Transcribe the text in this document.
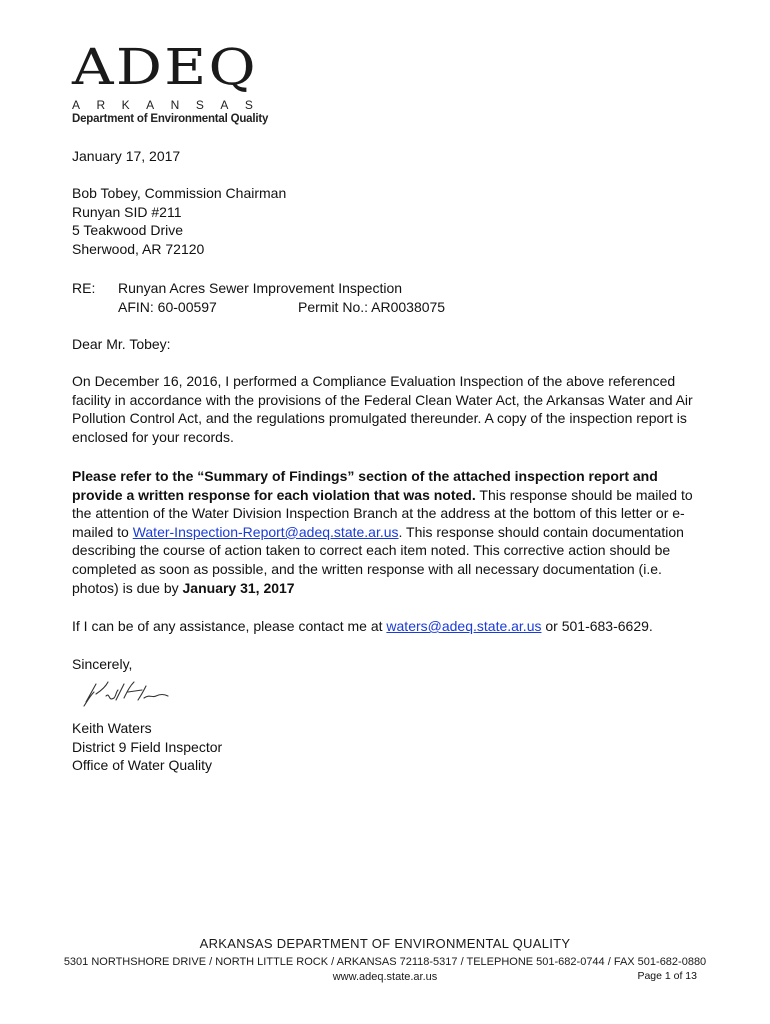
ADEQ
ARKANSAS
Department of Environmental Quality
January 17, 2017
Bob Tobey, Commission Chairman
Runyan SID #211
5 Teakwood Drive
Sherwood, AR 72120
RE: Runyan Acres Sewer Improvement Inspection
AFIN: 60-00597	Permit No.: AR0038075
Dear Mr. Tobey:
On December 16, 2016, I performed a Compliance Evaluation Inspection of the above referenced facility in accordance with the provisions of the Federal Clean Water Act, the Arkansas Water and Air Pollution Control Act, and the regulations promulgated thereunder. A copy of the inspection report is enclosed for your records.
Please refer to the “Summary of Findings” section of the attached inspection report and provide a written response for each violation that was noted. This response should be mailed to the attention of the Water Division Inspection Branch at the address at the bottom of this letter or e-mailed to Water-Inspection-Report@adeq.state.ar.us. This response should contain documentation describing the course of action taken to correct each item noted. This corrective action should be completed as soon as possible, and the written response with all necessary documentation (i.e. photos) is due by January 31, 2017
If I can be of any assistance, please contact me at waters@adeq.state.ar.us or 501-683-6629.
Sincerely,
Keith Waters
District 9 Field Inspector
Office of Water Quality
ARKANSAS DEPARTMENT OF ENVIRONMENTAL QUALITY
5301 NORTHSHORE DRIVE / NORTH LITTLE ROCK / ARKANSAS 72118-5317 / TELEPHONE 501-682-0744 / FAX 501-682-0880
www.adeq.state.ar.us	Page 1 of 13
